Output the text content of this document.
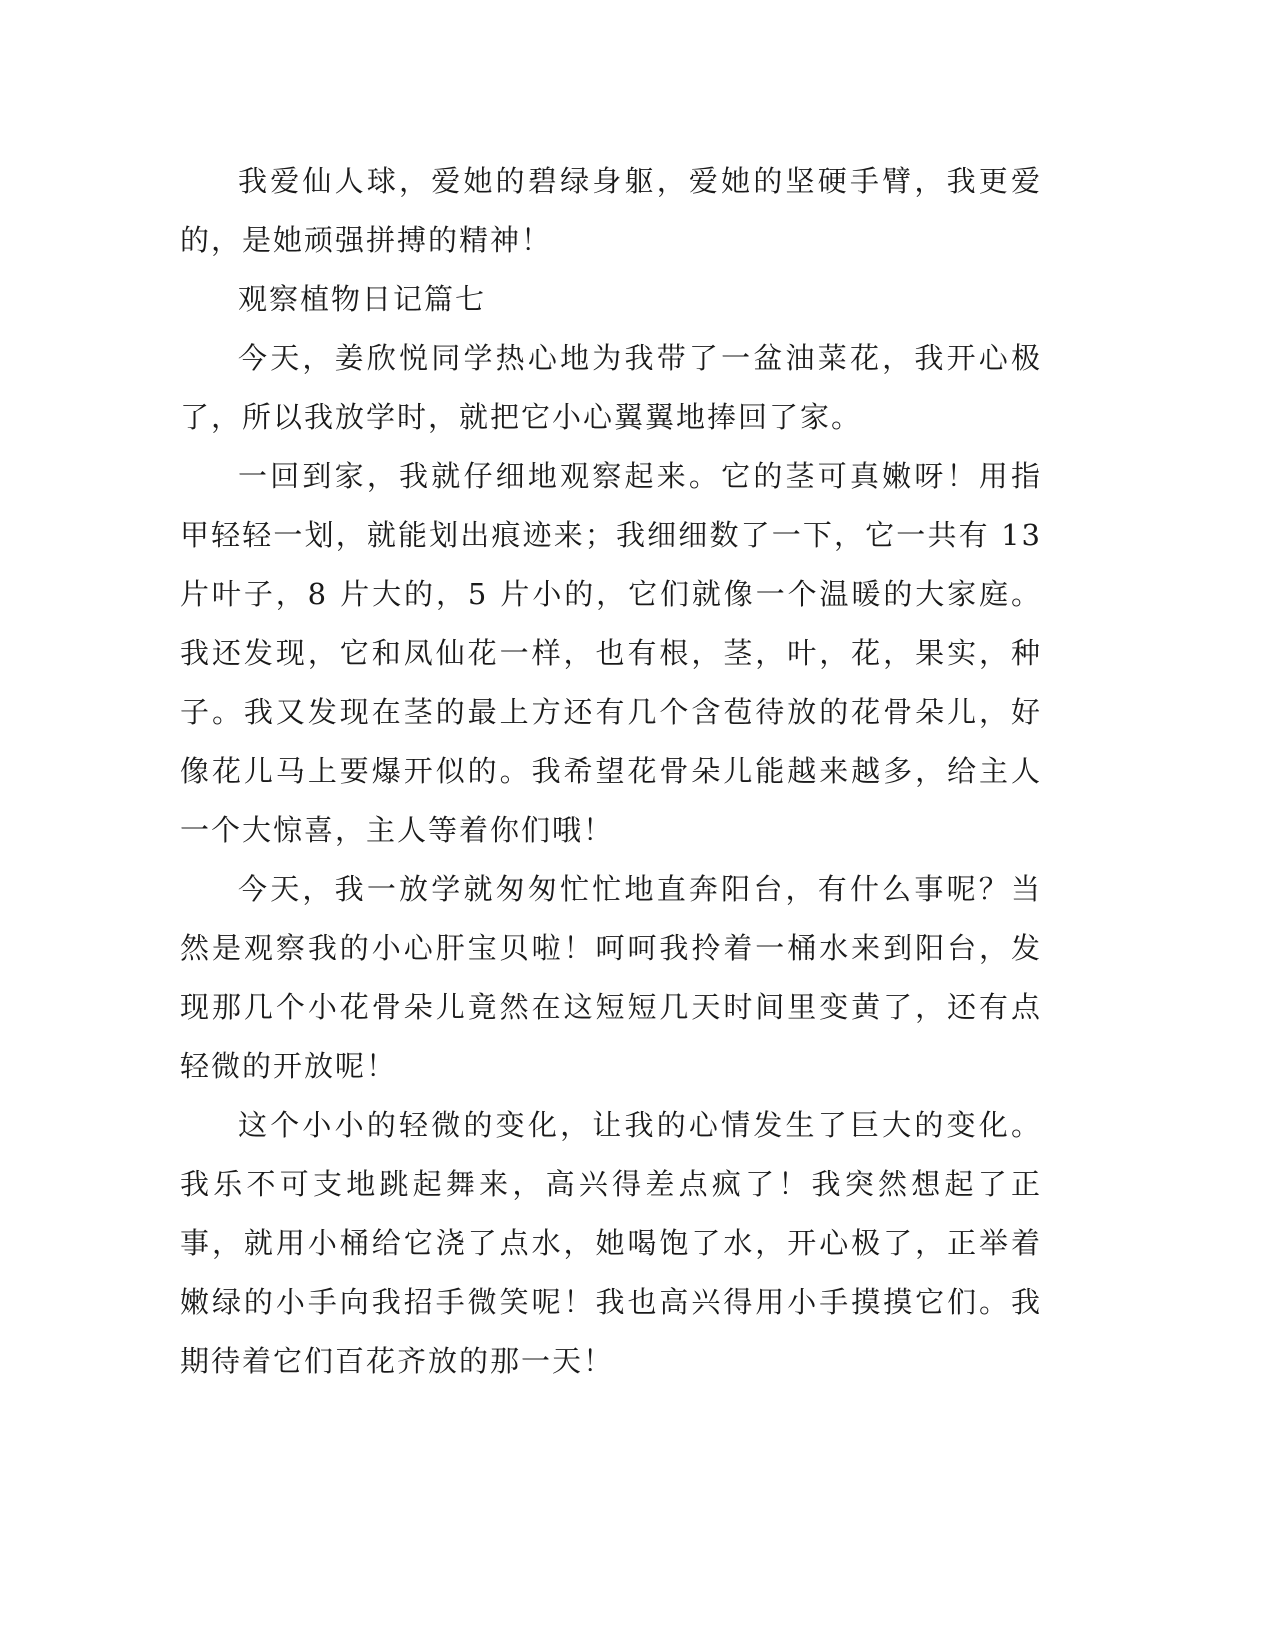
我爱仙人球，爱她的碧绿身躯，爱她的坚硬手臂，我更爱的，是她顽强拼搏的精神！

观察植物日记篇七

今天，姜欣悦同学热心地为我带了一盆油菜花，我开心极了，所以我放学时，就把它小心翼翼地捧回了家。

一回到家，我就仔细地观察起来。它的茎可真嫩呀！用指甲轻轻一划，就能划出痕迹来；我细细数了一下，它一共有 13 片叶子，8 片大的，5 片小的，它们就像一个温暖的大家庭。我还发现，它和凤仙花一样，也有根，茎，叶，花，果实，种子。我又发现在茎的最上方还有几个含苞待放的花骨朵儿，好像花儿马上要爆开似的。我希望花骨朵儿能越来越多，给主人一个大惊喜，主人等着你们哦！

今天，我一放学就匆匆忙忙地直奔阳台，有什么事呢？当然是观察我的小心肝宝贝啦！呵呵我拎着一桶水来到阳台，发现那几个小花骨朵儿竟然在这短短几天时间里变黄了，还有点轻微的开放呢！

这个小小的轻微的变化，让我的心情发生了巨大的变化。我乐不可支地跳起舞来，高兴得差点疯了！我突然想起了正事，就用小桶给它浇了点水，她喝饱了水，开心极了，正举着嫩绿的小手向我招手微笑呢！我也高兴得用小手摸摸它们。我期待着它们百花齐放的那一天！
